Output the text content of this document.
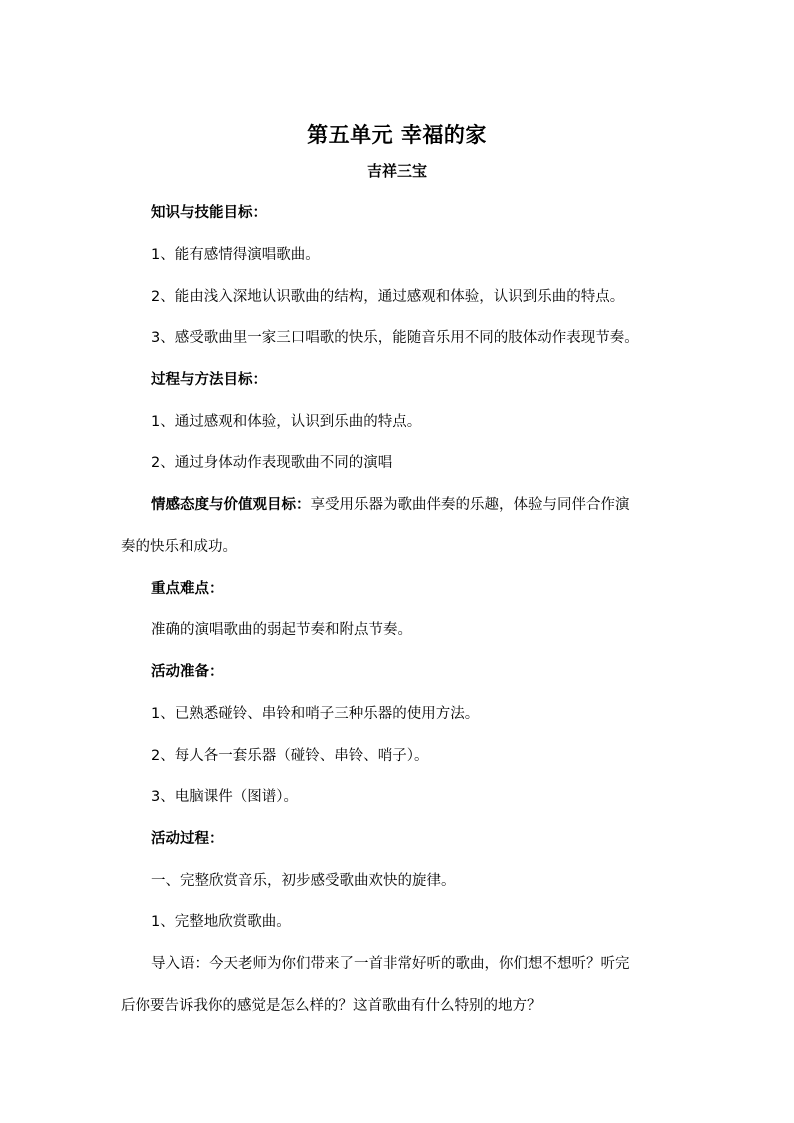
第五单元 幸福的家
吉祥三宝
知识与技能目标：
1、能有感情得演唱歌曲。
2、能由浅入深地认识歌曲的结构，通过感观和体验，认识到乐曲的特点。
3、感受歌曲里一家三口唱歌的快乐，能随音乐用不同的肢体动作表现节奏。
过程与方法目标：
1、通过感观和体验，认识到乐曲的特点。
2、通过身体动作表现歌曲不同的演唱
情感态度与价值观目标：享受用乐器为歌曲伴奏的乐趣，体验与同伴合作演
奏的快乐和成功。
重点难点：
准确的演唱歌曲的弱起节奏和附点节奏。
活动准备：
1、已熟悉碰铃、串铃和哨子三种乐器的使用方法。
2、每人各一套乐器（碰铃、串铃、哨子）。
3、电脑课件（图谱）。
活动过程：
一、完整欣赏音乐，初步感受歌曲欢快的旋律。
1、完整地欣赏歌曲。
导入语：今天老师为你们带来了一首非常好听的歌曲，你们想不想听？听完
后你要告诉我你的感觉是怎么样的？这首歌曲有什么特别的地方？
